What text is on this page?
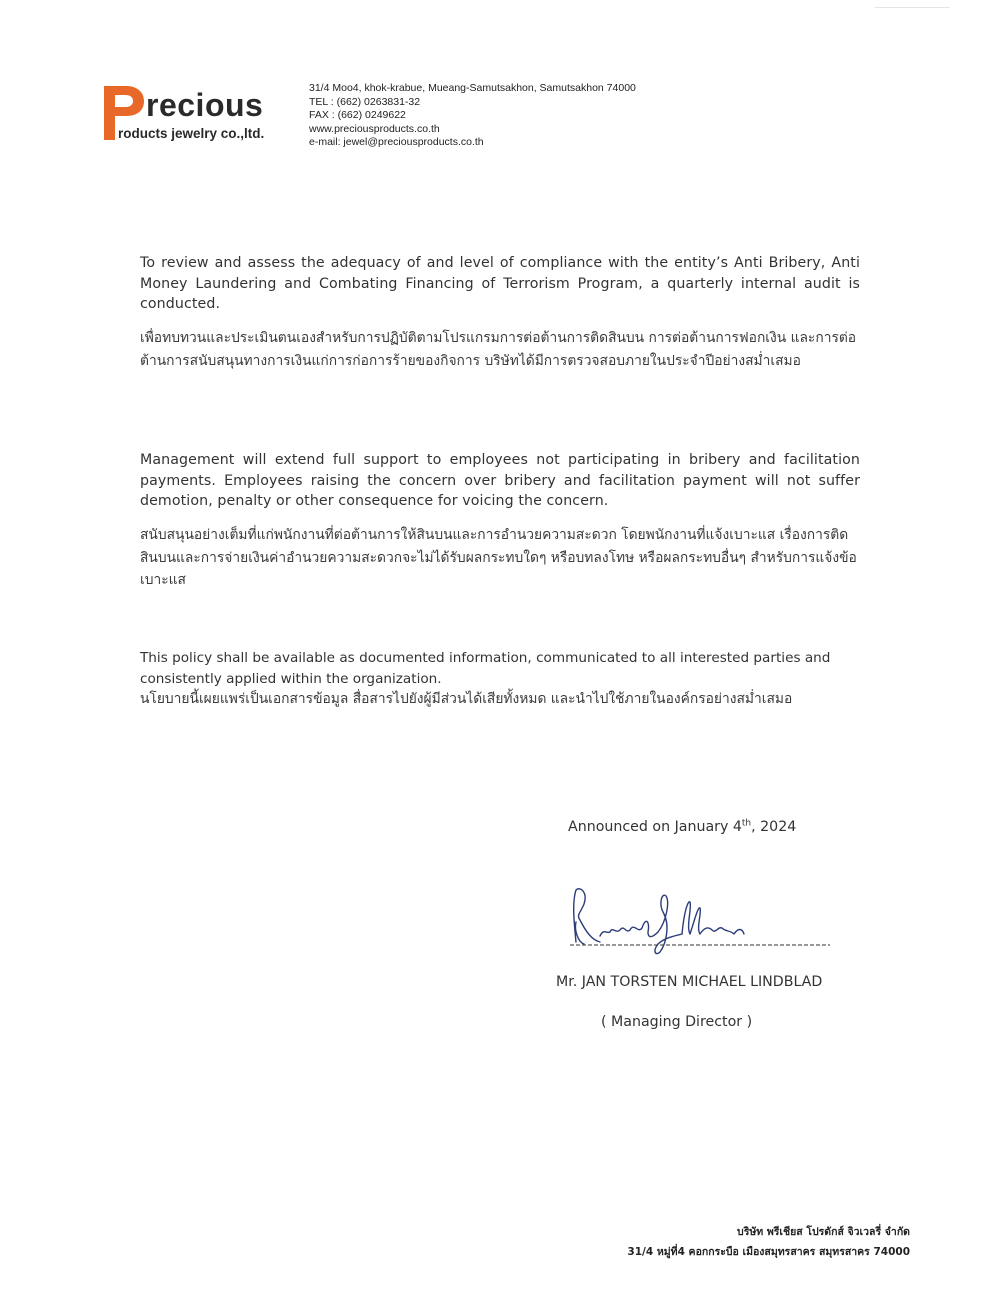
recious
roducts jewelry co.,ltd.
31/4 Moo4, khok-krabue, Mueang-Samutsakhon, Samutsakhon 74000
TEL : (662) 0263831-32
FAX : (662) 0249622
www.preciousproducts.co.th
e-mail: jewel@preciousproducts.co.th
To review and assess the adequacy of and level of compliance with the entity’s Anti Bribery, Anti Money Laundering and Combating Financing of Terrorism Program, a quarterly internal audit is conducted.
เพื่อทบทวนและประเมินตนเองสำหรับการปฏิบัติตามโปรแกรมการต่อต้านการติดสินบน การต่อต้านการฟอกเงิน และการต่อต้านการสนับสนุนทางการเงินแก่การก่อการร้ายของกิจการ บริษัทได้มีการตรวจสอบภายในประจำปีอย่างสม่ำเสมอ
Management will extend full support to employees not participating in bribery and facilitation payments. Employees raising the concern over bribery and facilitation payment will not suffer demotion, penalty or other consequence for voicing the concern.
สนับสนุนอย่างเต็มที่แก่พนักงานที่ต่อต้านการให้สินบนและการอำนวยความสะดวก โดยพนักงานที่แจ้งเบาะแส เรื่องการติดสินบนและการจ่ายเงินค่าอำนวยความสะดวกจะไม่ได้รับผลกระทบใดๆ หรือบทลงโทษ หรือผลกระทบอื่นๆ สำหรับการแจ้งข้อเบาะแส
This policy shall be available as documented information, communicated to all interested parties and consistently applied within the organization.
นโยบายนี้เผยแพร่เป็นเอกสารข้อมูล สื่อสารไปยังผู้มีส่วนได้เสียทั้งหมด และนำไปใช้ภายในองค์กรอย่างสม่ำเสมอ
Announced on January 4th, 2024
Mr. JAN TORSTEN MICHAEL LINDBLAD
( Managing Director )
บริษัท พรีเชียส โปรดักส์ จิวเวลรี่ จำกัด
31/4 หมู่ที่4 คอกกระบือ เมืองสมุทรสาคร สมุทรสาคร 74000
